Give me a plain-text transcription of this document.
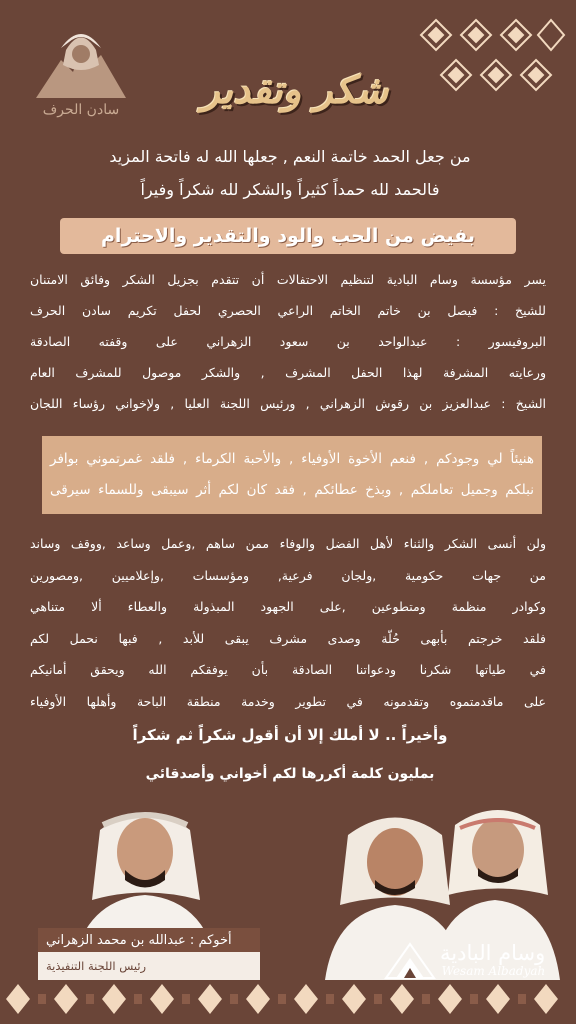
سادن الحرف شكر وتقدير
من جعل الحمد خاتمة النعم , جعلها الله له فاتحة المزيد
فالحمد لله حمداً كثيراً والشكر لله شكراً وفيراً
بفيض من الحب والود والتقدير والاحترام

يسر مؤسسة وسام البادية لتنظيم الاحتفالات أن تتقدم بجزيل الشكر وفائق الامتنان

للشيخ : فيصل بن خاتم الخاتم الراعي الحصري لحفل تكريم سادن الحرف

البروفيسور : عبدالواحد بن سعود الزهراني على وقفته الصادقة

ورعايته المشرفة لهذا الحفل المشرف , والشكر موصول للمشرف العام

الشيخ : عبدالعزيز بن رقوش الزهراني , ورئيس اللجنة العليا , ولإخواني رؤساء اللجان

هنيئاً لي وجودكم , فنعم الأخوة الأوفياء , والأحبة الكرماء , فلقد غمرتموني بوافر

نبلكم وجميل تعاملكم , وبذخ عطائكم , فقد كان لكم أثر سيبقى وللسماء سيرقى

ولن أنسى الشكر والثناء لأهل الفضل والوفاء ممن ساهم ,وعمل وساعد ,ووقف وساند

من جهات حكومية ,ولجان فرعية, ومؤسسات ,وإعلاميين ,ومصورين

وكوادر منظمة ومتطوعين ,على الجهود المبذولة والعطاء ألا متناهي

فلقد خرجتم بأبهى حُلّة وصدى مشرف يبقى للأبد , فبها نحمل لكم

في طياتها شكرنا ودعواتنا الصادقة بأن يوفقكم الله ويحقق أمانيكم

على ماقدمتموه وتقدمونه في تطوير وخدمة منطقة الباحة وأهلها الأوفياء

وأخيراً .. لا أملك إلا أن أقول شكراً ثم شكراً
بمليون كلمة أكررها لكم أخواني وأصدقائي
أخوكم : عبدالله بن محمد الزهراني
رئيس اللجنة التنفيذية
وسام البادية
Wesam Albadyah
